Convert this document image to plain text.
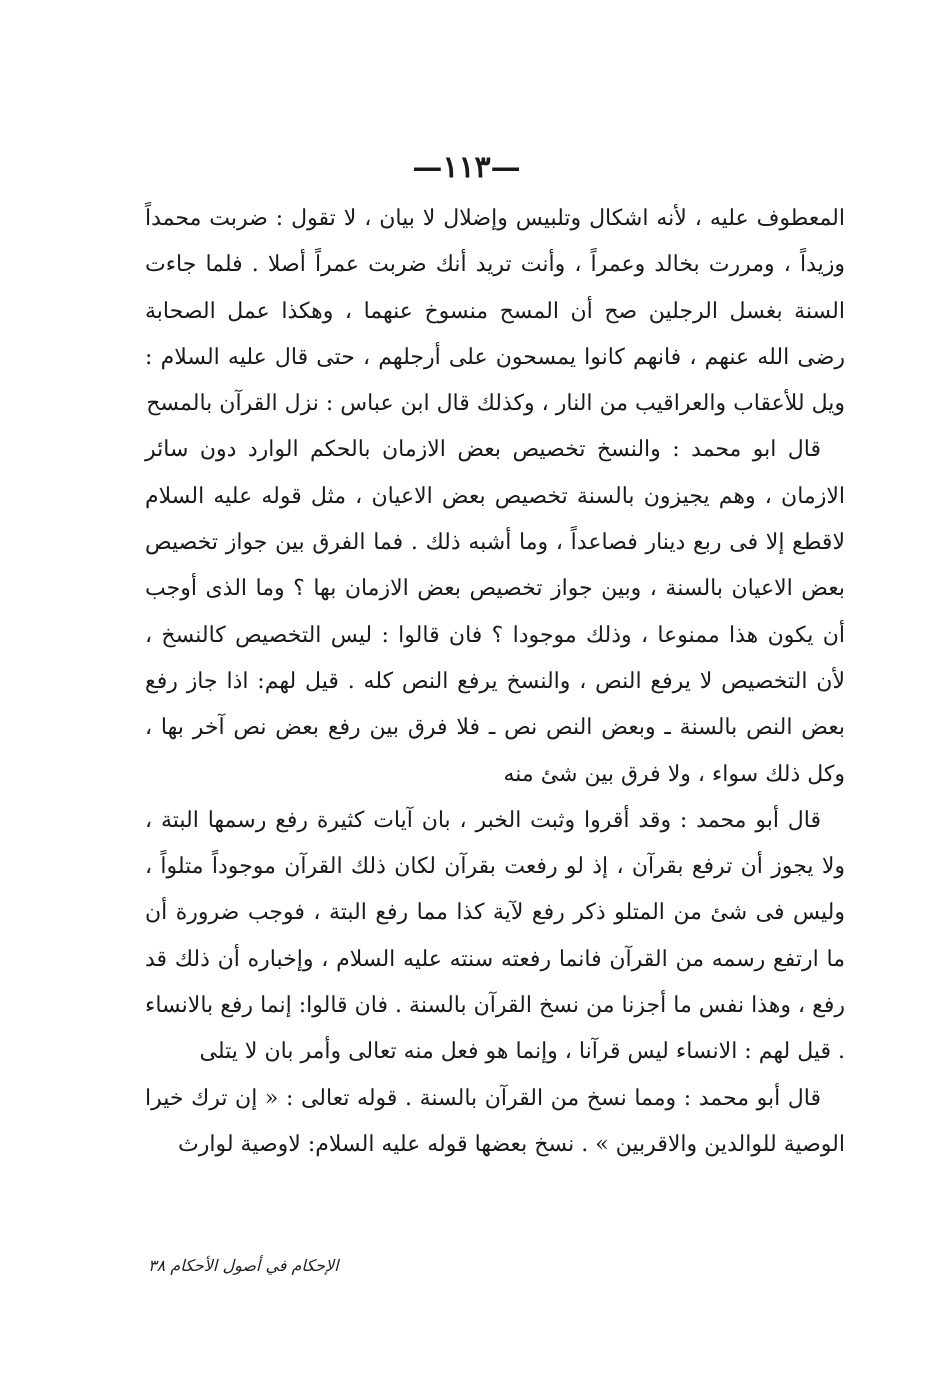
—١١٣—

المعطوف عليه ، لأنه اشكال وتلبيس وإضلال لا بيان ، لا تقول : ضربت محمداً وزيداً ، ومررت بخالد وعمراً ، وأنت تريد أنك ضربت عمراً أصلا . فلما جاءت السنة بغسل الرجلين صح أن المسح منسوخ عنهما ، وهكذا عمل الصحابة رضى الله عنهم ، فانهم كانوا يمسحون على أرجلهم ، حتى قال عليه السلام : ويل للأعقاب والعراقيب من النار ، وكذلك قال ابن عباس : نزل القرآن بالمسح

قال ابو محمد : والنسخ تخصيص بعض الازمان بالحكم الوارد دون سائر الازمان ، وهم يجيزون بالسنة تخصيص بعض الاعيان ، مثل قوله عليه السلام لاقطع إلا فى ربع دينار فصاعداً ، وما أشبه ذلك . فما الفرق بين جواز تخصيص بعض الاعيان بالسنة ، وبين جواز تخصيص بعض الازمان بها ؟ وما الذى أوجب أن يكون هذا ممنوعا ، وذلك موجودا ؟ فان قالوا : ليس التخصيص كالنسخ ، لأن التخصيص لا يرفع النص ، والنسخ يرفع النص كله . قيل لهم: اذا جاز رفع بعض النص بالسنة ـ وبعض النص نص ـ فلا فرق بين رفع بعض نص آخر بها ، وكل ذلك سواء ، ولا فرق بين شئ منه

قال أبو محمد : وقد أقروا وثبت الخبر ، بان آيات كثيرة رفع رسمها البتة ، ولا يجوز أن ترفع بقرآن ، إذ لو رفعت بقرآن لكان ذلك القرآن موجوداً متلواً ، وليس فى شئ من المتلو ذكر رفع لآية كذا مما رفع البتة ، فوجب ضرورة أن ما ارتفع رسمه من القرآن فانما رفعته سنته عليه السلام ، وإخباره أن ذلك قد رفع ، وهذا نفس ما أجزنا من نسخ القرآن بالسنة . فان قالوا: إنما رفع بالانساء . قيل لهم : الانساء ليس قرآنا ، وإنما هو فعل منه تعالى وأمر بان لا يتلى

قال أبو محمد : ومما نسخ من القرآن بالسنة . قوله تعالى : « إن ترك خيرا الوصية للوالدين والاقربين » . نسخ بعضها قوله عليه السلام: لاوصية لوارث

الإحكام في أصول الأحكام ٣٨
